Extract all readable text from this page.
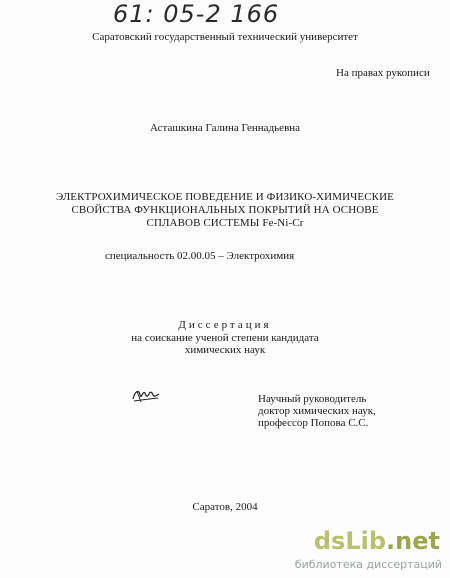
61: 05-2 166
Саратовский государственный технический университет
На правах рукописи
Асташкина Галина Геннадьевна
ЭЛЕКТРОХИМИЧЕСКОЕ ПОВЕДЕНИЕ И ФИЗИКО-ХИМИЧЕСКИЕ
СВОЙСТВА ФУНКЦИОНАЛЬНЫХ ПОКРЫТИЙ НА ОСНОВЕ
СПЛАВОВ СИСТЕМЫ Fe-Ni-Cr
специальность 02.00.05 – Электрохимия
Диссертация
на соискание ученой степени кандидата
химических наук
Научный руководитель
доктор химических наук,
профессор Попова С.С.
Саратов, 2004
dsLib.net
библиотека диссертаций
